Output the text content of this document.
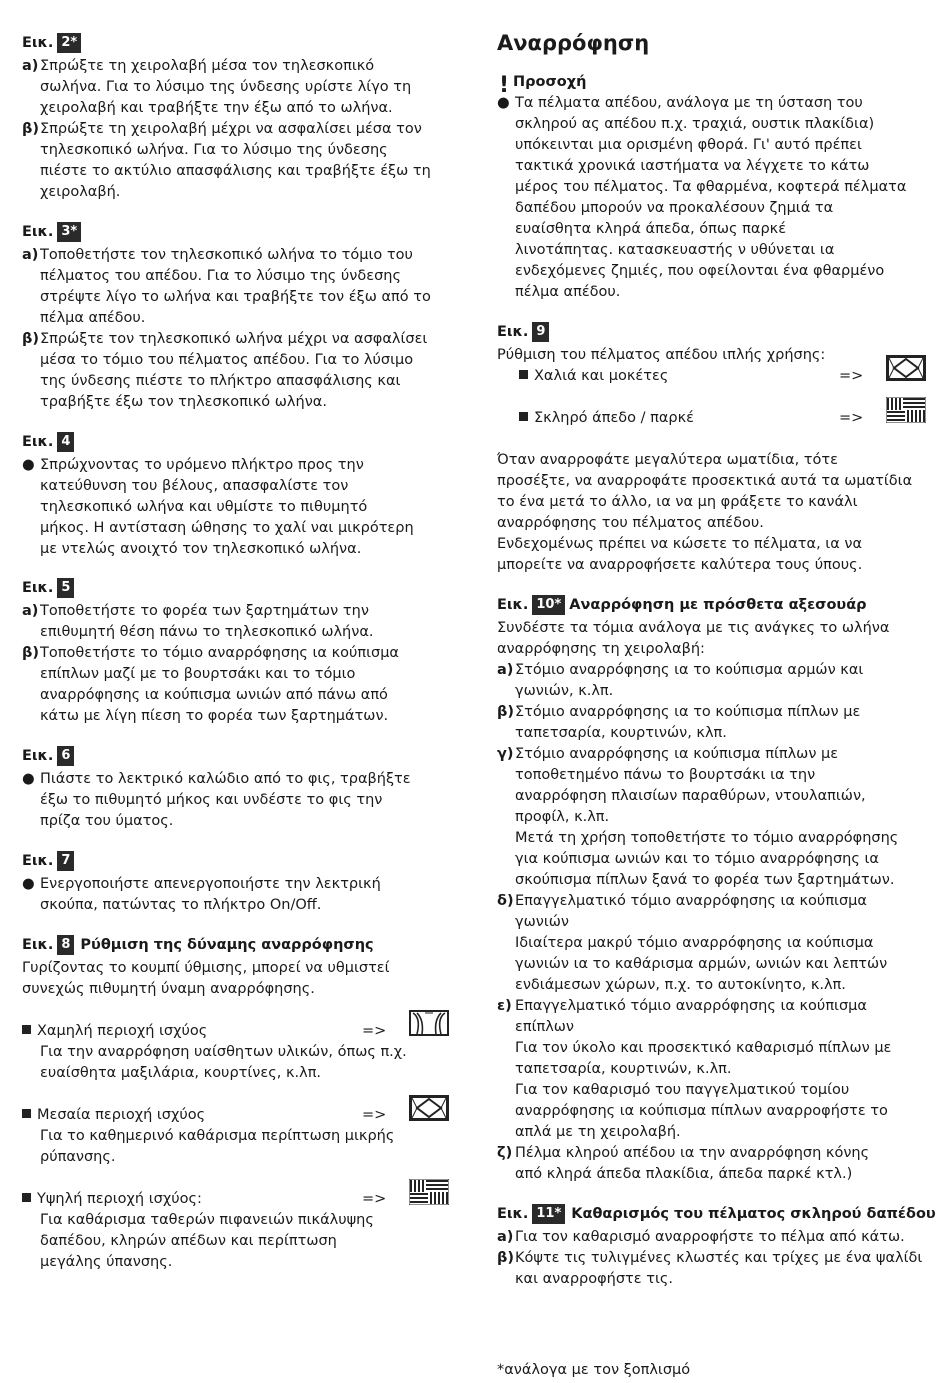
Εικ. 2*
a) Σπρώξτε τη χειρολαβή μέσα τον τηλεσκοπικό
σωλήνα. Για το λύσιμο της ύνδεσης υρίστε λίγο τη
χειρολαβή και τραβήξτε την έξω από το ωλήνα.
β)Σπρώξτε τη χειρολαβή μέχρι να ασφαλίσει μέσα τον
τηλεσκοπικό ωλήνα. Για το λύσιμο της ύνδεσης
πιέστε το ακτύλιο απασφάλισης και τραβήξτε έξω τη
χειρολαβή.
Εικ. 3*
a) Τοποθετήστε τον τηλεσκοπικό ωλήνα το τόμιο του
πέλματος του απέδου. Για το λύσιμο της ύνδεσης
στρέψτε λίγο το ωλήνα και τραβήξτε τον έξω από το
πέλμα απέδου.
β)Σπρώξτε τον τηλεσκοπικό ωλήνα μέχρι να ασφαλίσει
μέσα το τόμιο του πέλματος απέδου. Για το λύσιμο
της ύνδεσης πιέστε το πλήκτρο απασφάλισης και
τραβήξτε έξω τον τηλεσκοπικό ωλήνα.
Εικ. 4
● Σπρώχνοντας το υρόμενο πλήκτρο προς την
κατεύθυνση του βέλους, απασφαλίστε τον
τηλεσκοπικό ωλήνα και υθμίστε το πιθυμητό
μήκος. Η αντίσταση ώθησης το χαλί ναι μικρότερη
με ντελώς ανοιχτό τον τηλεσκοπικό ωλήνα.
Εικ. 5
a) Τοποθετήστε το φορέα των ξαρτημάτων την
επιθυμητή θέση πάνω το τηλεσκοπικό ωλήνα.
β)Τοποθετήστε το τόμιο αναρρόφησης ια κούπισμα
επίπλων μαζί με το βουρτσάκι και το τόμιο
αναρρόφησης ια κούπισμα ωνιών από πάνω από
κάτω με λίγη πίεση το φορέα των ξαρτημάτων.
Εικ. 6
● Πιάστε το λεκτρικό καλώδιο από το φις, τραβήξτε
έξω το πιθυμητό μήκος και υνδέστε το φις την
πρίζα του ύματος.
Εικ. 7
● Ενεργοποιήστε απενεργοποιήστε την λεκτρική
σκούπα, πατώντας το πλήκτρο On/Off.
Εικ. 8 Ρύθμιση της δύναμης αναρρόφησης
Γυρίζοντας το κουμπί ύθμισης, μπορεί να υθμιστεί
συνεχώς πιθυμητή ύναμη αναρρόφησης.
Χαμηλή περιοχή ισχύος	=>
Για την αναρρόφηση υαίσθητων υλικών, όπως π.χ.
ευαίσθητα μαξιλάρια, κουρτίνες, κ.λπ.
Μεσαία περιοχή ισχύος	=>
Για το καθημερινό καθάρισμα περίπτωση μικρής
ρύπανσης.
Υψηλή περιοχή ισχύος:	=>
Για καθάρισμα ταθερών πιφανειών πικάλυψης
δαπέδου, κληρών απέδων και περίπτωση
μεγάλης ύπανσης.
Αναρρόφηση
! Προσοχή
● Τα πέλματα απέδου, ανάλογα με τη ύσταση του
σκληρού ας απέδου π.χ. τραχιά, ουστικ πλακίδια)
υπόκεινται μια ορισμένη φθορά. Γι' αυτό πρέπει
τακτικά χρονικά ιαστήματα να λέγχετε το κάτω
μέρος του πέλματος. Τα φθαρμένα, κοφτερά πέλματα
δαπέδου μπορούν να προκαλέσουν ζημιά τα
ευαίσθητα κληρά άπεδα, όπως παρκέ
λινοτάπητας. κατασκευαστής ν υθύνεται ια
ενδεχόμενες ζημιές, που οφείλονται ένα φθαρμένο
πέλμα απέδου.
Εικ. 9
Ρύθμιση του πέλματος απέδου ιπλής χρήσης:
Χαλιά και μοκέτες	=>
Σκληρό άπεδο / παρκέ	=>
Όταν αναρροφάτε μεγαλύτερα ωματίδια, τότε
προσέξτε, να αναρροφάτε προσεκτικά αυτά τα ωματίδια
το ένα μετά το άλλο, ια να μη φράξετε το κανάλι
αναρρόφησης του πέλματος απέδου.
Ενδεχομένως πρέπει να κώσετε το πέλματα, ια να
μπορείτε να αναρροφήσετε καλύτερα τους ύπους.
Εικ. 10* Αναρρόφηση με πρόσθετα αξεσουάρ
Συνδέστε τα τόμια ανάλογα με τις ανάγκες το ωλήνα
αναρρόφησης τη χειρολαβή:
a) Στόμιο αναρρόφησης ια το κούπισμα αρμών και
γωνιών, κ.λπ.
β)Στόμιο αναρρόφησης ια το κούπισμα πίπλων με
ταπετσαρία, κουρτινών, κλπ.
γ)Στόμιο αναρρόφησης ια κούπισμα πίπλων με
τοποθετημένο πάνω το βουρτσάκι ια την
αναρρόφηση πλαισίων παραθύρων, ντουλαπιών,
προφίλ, κ.λπ.
Μετά τη χρήση τοποθετήστε το τόμιο αναρρόφησης
για κούπισμα ωνιών και το τόμιο αναρρόφησης ια
σκούπισμα πίπλων ξανά το φορέα των ξαρτημάτων.
δ)Επαγγελματικό τόμιο αναρρόφησης ια κούπισμα
γωνιών
Ιδιαίτερα μακρύ τόμιο αναρρόφησης ια κούπισμα
γωνιών ια το καθάρισμα αρμών, ωνιών και λεπτών
ενδιάμεσων χώρων, π.χ. το αυτοκίνητο, κ.λπ.
ε) Επαγγελματικό τόμιο αναρρόφησης ια κούπισμα
επίπλων
Για τον ύκολο και προσεκτικό καθαρισμό πίπλων με
ταπετσαρία, κουρτινών, κ.λπ.
Για τον καθαρισμό του παγγελματικού τομίου
αναρρόφησης ια κούπισμα πίπλων αναρροφήστε το
απλά με τη χειρολαβή.
ζ) Πέλμα κληρού απέδου ια την αναρρόφηση κόνης
από κληρά άπεδα πλακίδια, άπεδα παρκέ κτλ.)
Εικ. 11* Καθαρισμός του πέλματος σκληρού δαπέδου
a) Για τον καθαρισμό αναρροφήστε το πέλμα από κάτω.
β)Κόψτε τις τυλιγμένες κλωστές και τρίχες με ένα ψαλίδι
και αναρροφήστε τις.
*ανάλογα με τον ξοπλισμό
